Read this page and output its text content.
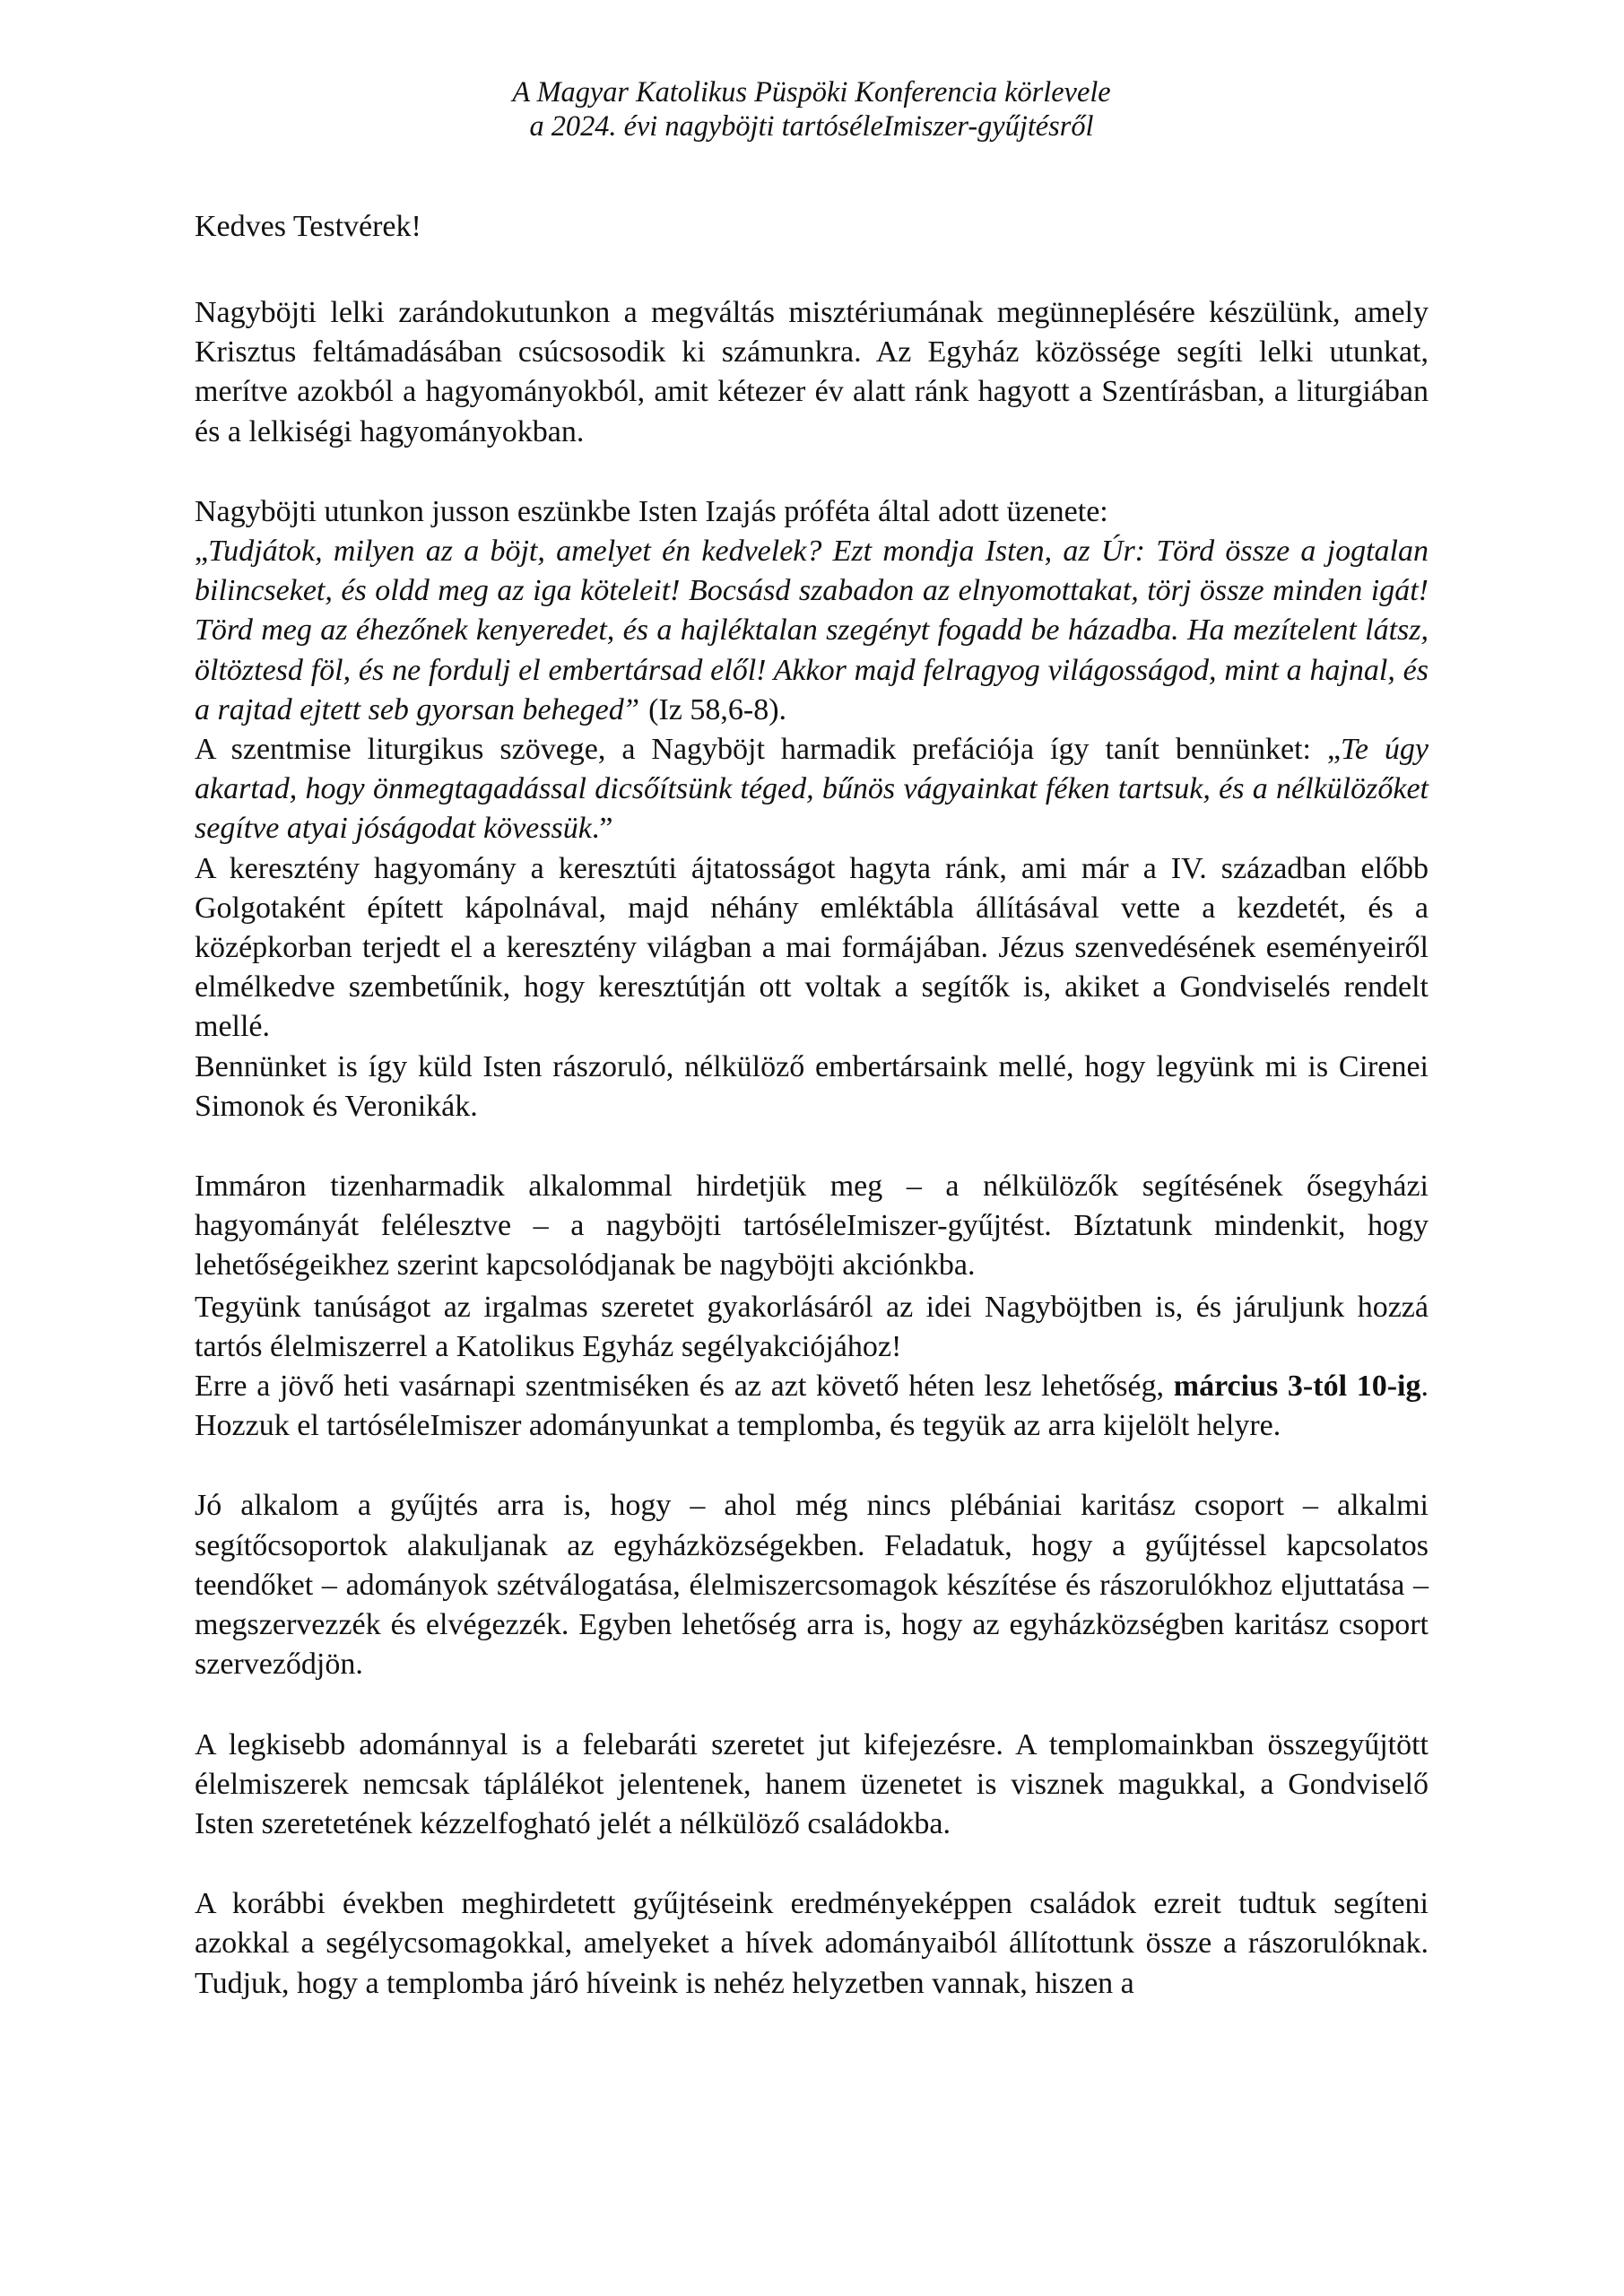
A Magyar Katolikus Püspöki Konferencia körlevele
a 2024. évi nagyböjti tartóséleImiszer-gyűjtésről
Kedves Testvérek!

Nagyböjti lelki zarándokutunkon a megváltás misztériumának megünneplésére készülünk, amely Krisztus feltámadásában csúcsosodik ki számunkra. Az Egyház közössége segíti lelki utunkat, merítve azokból a hagyományokból, amit kétezer év alatt ránk hagyott a Szentírásban, a liturgiában és a lelkiségi hagyományokban.

Nagyböjti utunkon jusson eszünkbe Isten Izajás próféta által adott üzenete:

„Tudjátok, milyen az a böjt, amelyet én kedvelek? Ezt mondja Isten, az Úr: Törd össze a jogtalan bilincseket, és oldd meg az iga köteleit! Bocsásd szabadon az elnyomottakat, törj össze minden igát! Törd meg az éhezőnek kenyeredet, és a hajléktalan szegényt fogadd be házadba. Ha mezítelent látsz, öltöztesd föl, és ne fordulj el embertársad elől! Akkor majd felragyog világosságod, mint a hajnal, és a rajtad ejtett seb gyorsan behegedˮ (Iz 58,6-8).

A szentmise liturgikus szövege, a Nagyböjt harmadik prefációja így tanít bennünket: „Te úgy akartad, hogy önmegtagadással dicsőítsünk téged, bűnös vágyainkat féken tartsuk, és a nélkülözőket segítve atyai jóságodat kövessük.”

A keresztény hagyomány a keresztúti ájtatosságot hagyta ránk, ami már a IV. században előbb Golgotaként épített kápolnával, majd néhány emléktábla állításával vette a kezdetét, és a középkorban terjedt el a keresztény világban a mai formájában. Jézus szenvedésének eseményeiről elmélkedve szembetűnik, hogy keresztútján ott voltak a segítők is, akiket a Gondviselés rendelt mellé.

Bennünket is így küld Isten rászoruló, nélkülöző embertársaink mellé, hogy legyünk mi is Cirenei Simonok és Veronikák.

Immáron tizenharmadik alkalommal hirdetjük meg – a nélkülözők segítésének ősegyházi hagyományát felélesztve – a nagyböjti tartóséleImiszer-gyűjtést. Bíztatunk mindenkit, hogy lehetőségeikhez szerint kapcsolódjanak be nagyböjti akciónkba.

Tegyünk tanúságot az irgalmas szeretet gyakorlásáról az idei Nagyböjtben is, és járuljunk hozzá tartós élelmiszerrel a Katolikus Egyház segélyakciójához!

Erre a jövő heti vasárnapi szentmiséken és az azt követő héten lesz lehetőség, március 3-tól 10-ig. Hozzuk el tartóséleImiszer adományunkat a templomba, és tegyük az arra kijelölt helyre.

Jó alkalom a gyűjtés arra is, hogy – ahol még nincs plébániai karitász csoport – alkalmi segítőcsoportok alakuljanak az egyházközségekben. Feladatuk, hogy a gyűjtéssel kapcsolatos teendőket – adományok szétválogatása, élelmiszercsomagok készítése és rászorulókhoz eljuttatása – megszervezzék és elvégezzék. Egyben lehetőség arra is, hogy az egyházközségben karitász csoport szerveződjön.

A legkisebb adománnyal is a felebaráti szeretet jut kifejezésre. A templomainkban összegyűjtött élelmiszerek nemcsak táplálékot jelentenek, hanem üzenetet is visznek magukkal, a Gondviselő Isten szeretetének kézzelfogható jelét a nélkülöző családokba.

A korábbi években meghirdetett gyűjtéseink eredményeképpen családok ezreit tudtuk segíteni azokkal a segélycsomagokkal, amelyeket a hívek adományaiból állítottunk össze a rászorulóknak. Tudjuk, hogy a templomba járó híveink is nehéz helyzetben vannak, hiszen a
